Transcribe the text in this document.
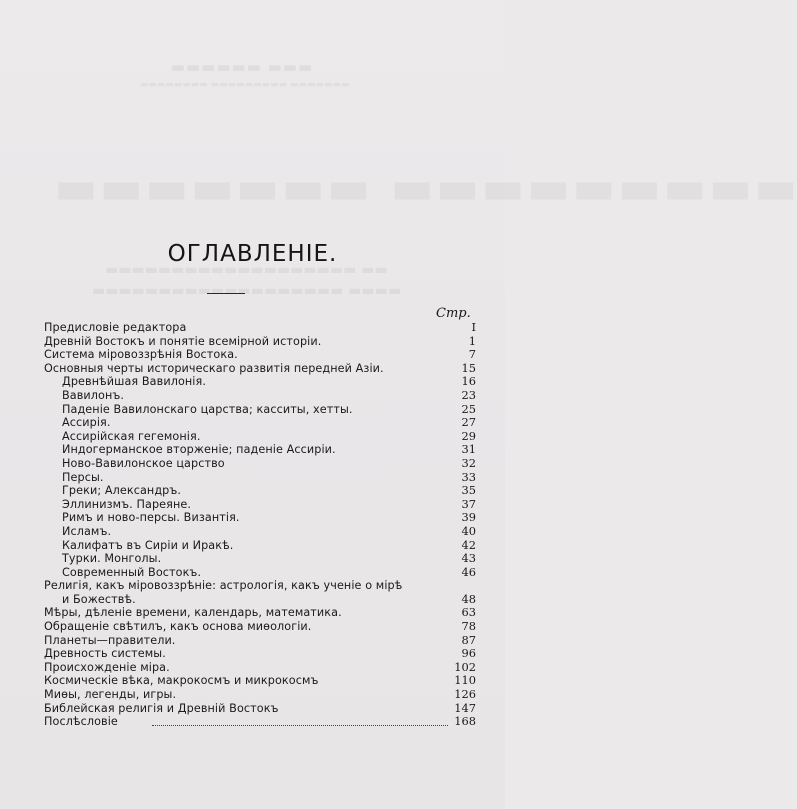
▬▬▬ ▬▬▬▬▬▬
▬▬▬▬▬▬▬ ▬▬▬▬▬▬▬▬▬ ▬▬▬▬▬▬▬▬
▬▬▬▬▬▬▬▬▬ ▬▬▬▬▬▬▬
▬▬ ▬▬▬▬▬▬▬▬▬▬▬▬▬▬▬▬▬▬▬
▬▬▬▬ ▬▬▬▬▬▬▬▬▬▬▬▬▬▬▬▬▬▬▬
ОГЛАВЛЕНІЕ.
Стр.
Предисловіе редактора	I
Древній Востокъ и понятіе всемірной исторіи.	1
Система міровоззрѣнія Востока.	7
Основныя черты историческаго развитія передней Азіи.	15
Древнѣйшая Вавилонія.	16
Вавилонъ.	23
Паденіе Вавилонскаго царства; касситы, хетты.	25
Ассирія.	27
Ассирійская гегемонія.	29
Индогерманское вторженіе; паденіе Ассиріи.	31
Ново-Вавилонское царство	32
Персы.	33
Греки; Александръ.	35
Эллинизмъ. Пареяне.	37
Римъ и ново-персы. Византія.	39
Исламъ.	40
Калифатъ въ Сиріи и Иракѣ.	42
Турки. Монголы.	43
Современный Востокъ.	46
Религія, какъ міровоззрѣніе: астрологія, какъ ученіе о мірѣ
и Божествѣ.	48
Мѣры, дѣленіе времени, календарь, математика.	63
Обращеніе свѣтилъ, какъ основа миѳологіи.	78
Планеты—правители.	87
Древность системы.	96
Происхожденіе міра.	102
Космическіе вѣка, макрокосмъ и микрокосмъ	110
Миѳы, легенды, игры.	126
Библейская религія и Древній Востокъ	147
Послѣсловіе	168
